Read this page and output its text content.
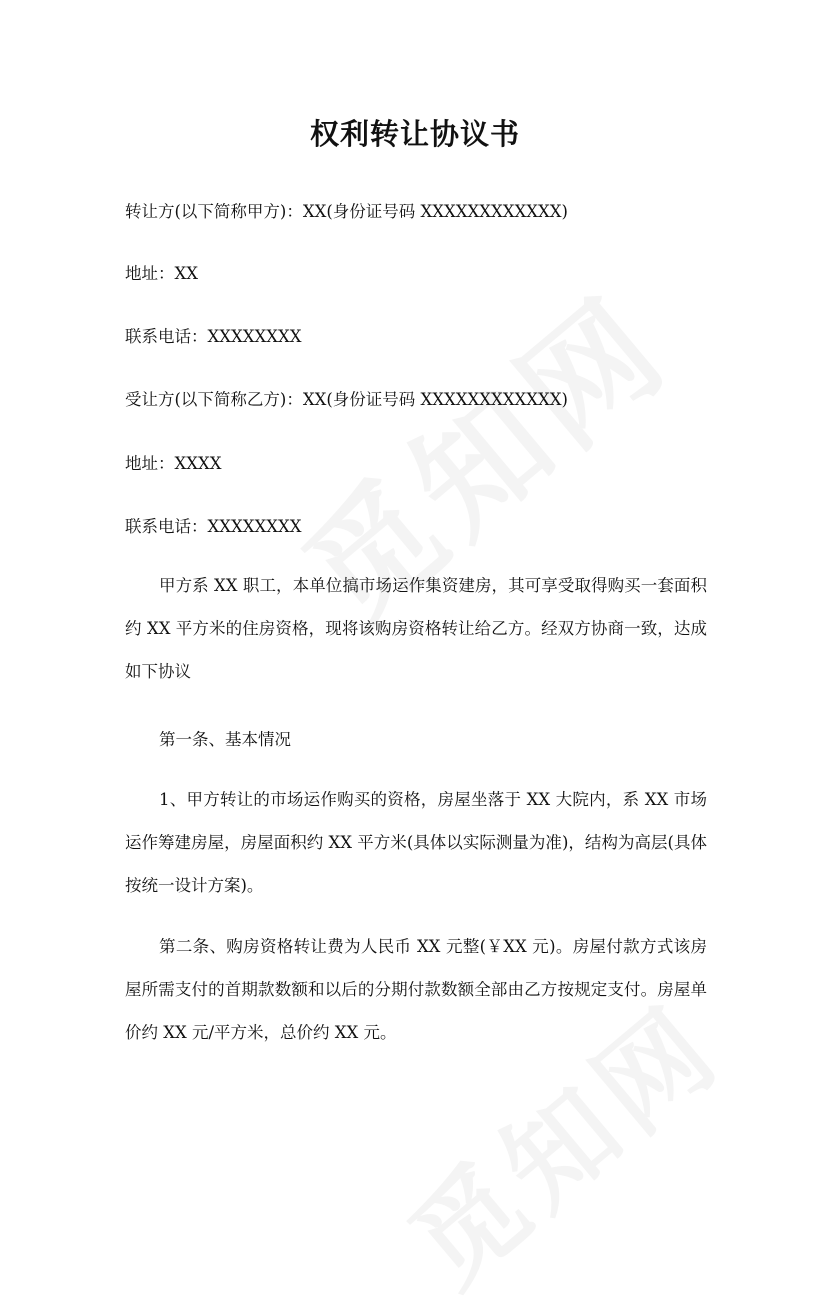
权利转让协议书
转让方(以下简称甲方)：XX(身份证号码 XXXXXXXXXXXX)
地址：XX
联系电话：XXXXXXXX
受让方(以下简称乙方)：XX(身份证号码 XXXXXXXXXXXX)
地址：XXXX
联系电话：XXXXXXXX
甲方系 XX 职工，本单位搞市场运作集资建房，其可享受取得购买一套面积约 XX 平方米的住房资格，现将该购房资格转让给乙方。经双方协商一致，达成如下协议
第一条、基本情况
1、甲方转让的市场运作购买的资格，房屋坐落于 XX 大院内，系 XX 市场运作筹建房屋，房屋面积约 XX 平方米(具体以实际测量为准)，结构为高层(具体按统一设计方案)。
第二条、购房资格转让费为人民币 XX 元整(￥XX 元)。房屋付款方式该房屋所需支付的首期款数额和以后的分期付款数额全部由乙方按规定支付。房屋单价约 XX 元/平方米，总价约 XX 元。
